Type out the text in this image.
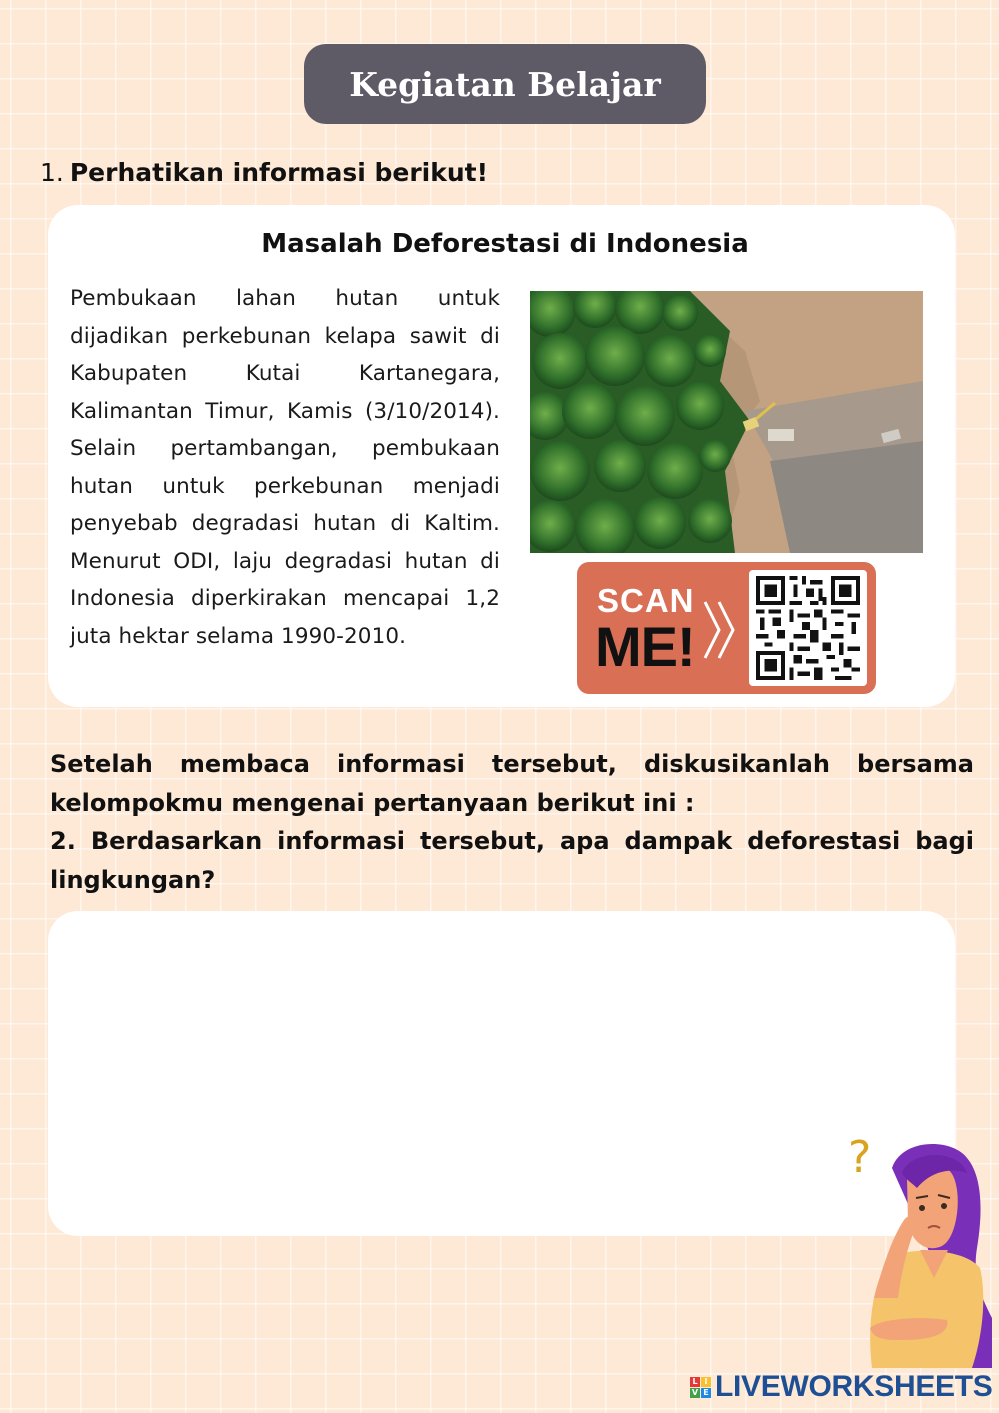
Kegiatan Belajar
1. Perhatikan informasi berikut!
Masalah Deforestasi di Indonesia
Pembukaan lahan hutan untuk dijadikan perkebunan kelapa sawit di Kabupaten Kutai Kartanegara, Kalimantan Timur, Kamis (3/10/2014). Selain pertambangan, pembukaan hutan untuk perkebunan menjadi penyebab degradasi hutan di Kaltim. Menurut ODI, laju degradasi hutan di Indonesia diperkirakan mencapai 1,2 juta hektar selama 1990-2010.
SCAN
ME!

Setelah membaca informasi tersebut, diskusikanlah bersama kelompokmu mengenai pertanyaan berikut ini :

2. Berdasarkan informasi tersebut, apa dampak deforestasi bagi lingkungan?

?
L I
V E LIVEWORKSHEETS
